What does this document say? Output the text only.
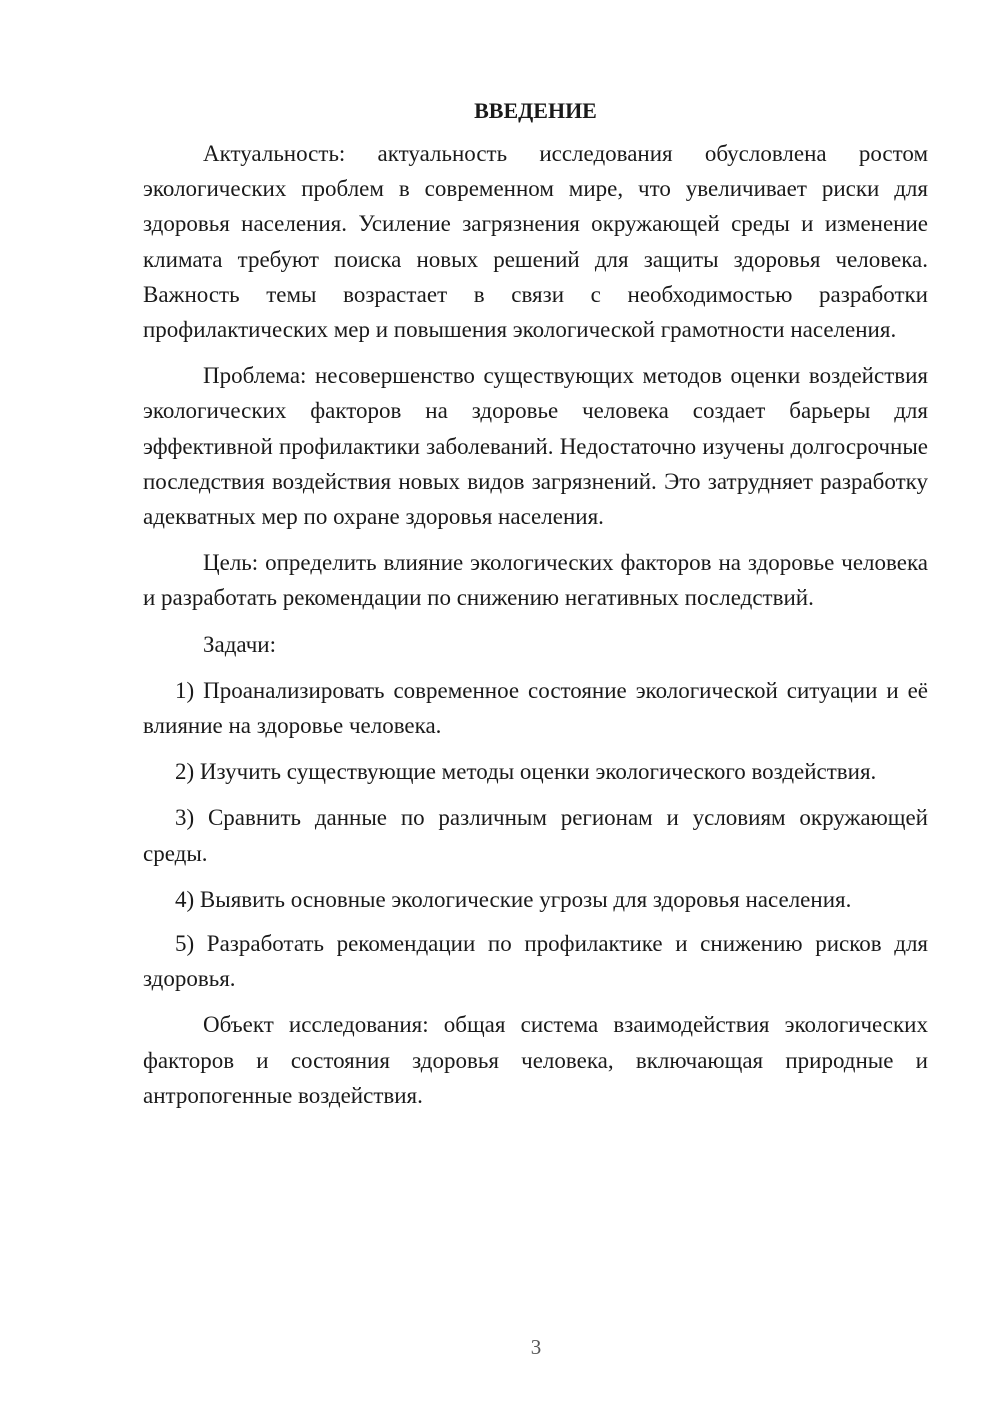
ВВЕДЕНИЕ

Актуальность: актуальность исследования обусловлена ростом экологических проблем в современном мире, что увеличивает риски для здоровья населения. Усиление загрязнения окружающей среды и изменение климата требуют поиска новых решений для защиты здоровья человека. Важность темы возрастает в связи с необходимостью разработки профилактических мер и повышения экологической грамотности населения.

Проблема: несовершенство существующих методов оценки воздействия экологических факторов на здоровье человека создает барьеры для эффективной профилактики заболеваний. Недостаточно изучены долгосрочные последствия воздействия новых видов загрязнений. Это затрудняет разработку адекватных мер по охране здоровья населения.

Цель: определить влияние экологических факторов на здоровье человека и разработать рекомендации по снижению негативных последствий.

Задачи:

1) Проанализировать современное состояние экологической ситуации и её влияние на здоровье человека.

2) Изучить существующие методы оценки экологического воздействия.

3) Сравнить данные по различным регионам и условиям окружающей среды.

4) Выявить основные экологические угрозы для здоровья населения.

5) Разработать рекомендации по профилактике и снижению рисков для здоровья.

Объект исследования: общая система взаимодействия экологических факторов и состояния здоровья человека, включающая природные и антропогенные воздействия.

3
